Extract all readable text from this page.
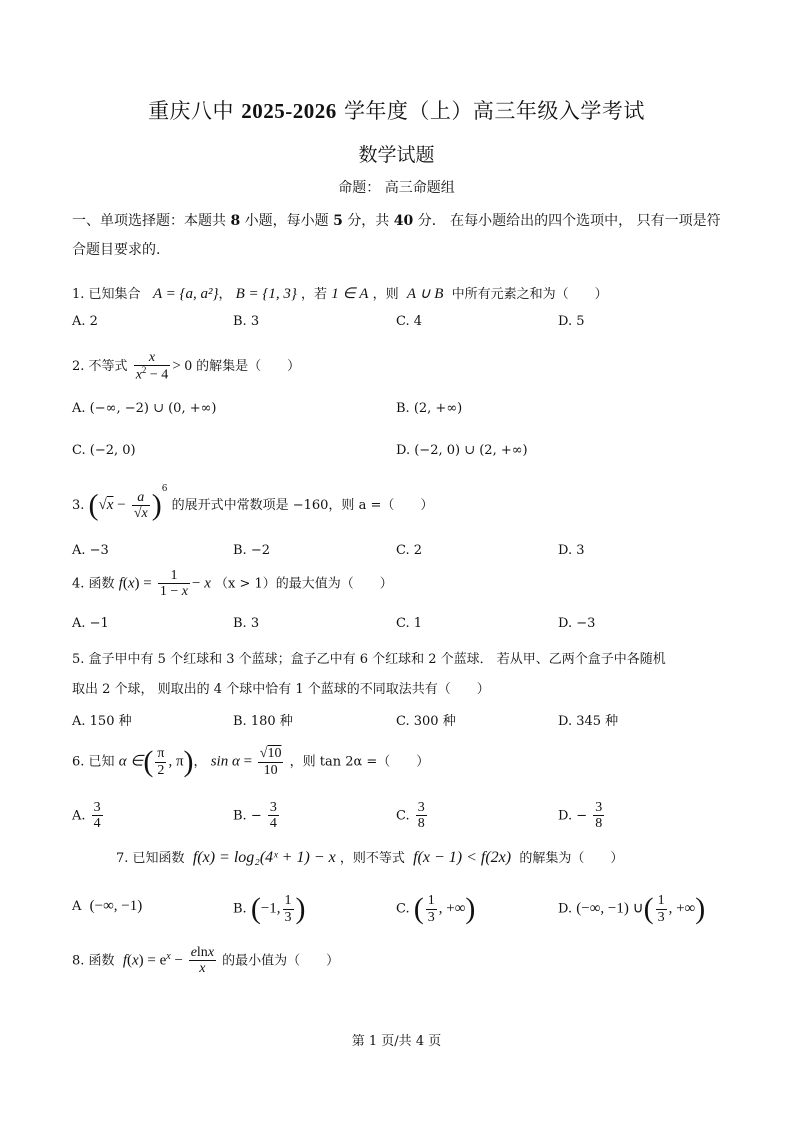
重庆八中 2025-2026 学年度（上）高三年级入学考试
数学试题
命题： 高三命题组
一、单项选择题：本题共 8 小题，每小题 5 分，共 40 分． 在每小题给出的四个选项中， 只有一项是符合题目要求的.
1. 已知集合 A = {a, a²}， B = {1, 3} ，若 1 ∈ A ，则 A ∪ B 中所有元素之和为（　　）
A. 2	B. 3	C. 4	D. 5
2. 不等式 $\frac{x}{x^2 - 4} > 0$ 的解集是（　　）
A. (−∞, −2) ∪ (0, +∞)	B. (2, +∞)
C. (−2, 0)	D. (−2, 0) ∪ (2, +∞)
3. $(√x - \frac{a}{√x} )^6$ 的展开式中常数项是 −160，则 a =（　　）
A. −3	B. −2	C. 2	D. 3
4. 函数 $f(x) = \frac{1}{1 - x} - x$ （x > 1）的最大值为（　　）
A. −1	B. 3	C. 1	D. −3
5. 盒子甲中有 5 个红球和 3 个蓝球；盒子乙中有 6 个红球和 2 个蓝球． 若从甲、乙两个盒子中各随机
取出 2 个球， 则取出的 4 个球中恰有 1 个蓝球的不同取法共有（　　）
A. 150 种	B. 180 种	C. 300 种	D. 345 种
6. 已知 α ∈( $\frac{\pi}{2}$ , π)， $\sin \alpha = \frac{√10}{10}$ ，则 tan 2α =（　　）
A. $\frac{3}{4}$	B. − $\frac{3}{4}$	C. $\frac{3}{8}$	D. − $\frac{3}{8}$
7. 已知函数 f(x) = log₂(4ˣ + 1) − x ，则不等式 f(x − 1) < f(2x) 的解集为（　　）
A (−∞, −1)	B. (−1, $\frac{1}{3}$ )	C. ( $\frac{1}{3}$ , +∞)	D. (−∞, −1) ∪( $\frac{1}{3}$ , +∞)
8. 函数 $f(x) = e^x - \frac{elnx}{x}$ 的最小值为（　　）
第 1 页/共 4 页
